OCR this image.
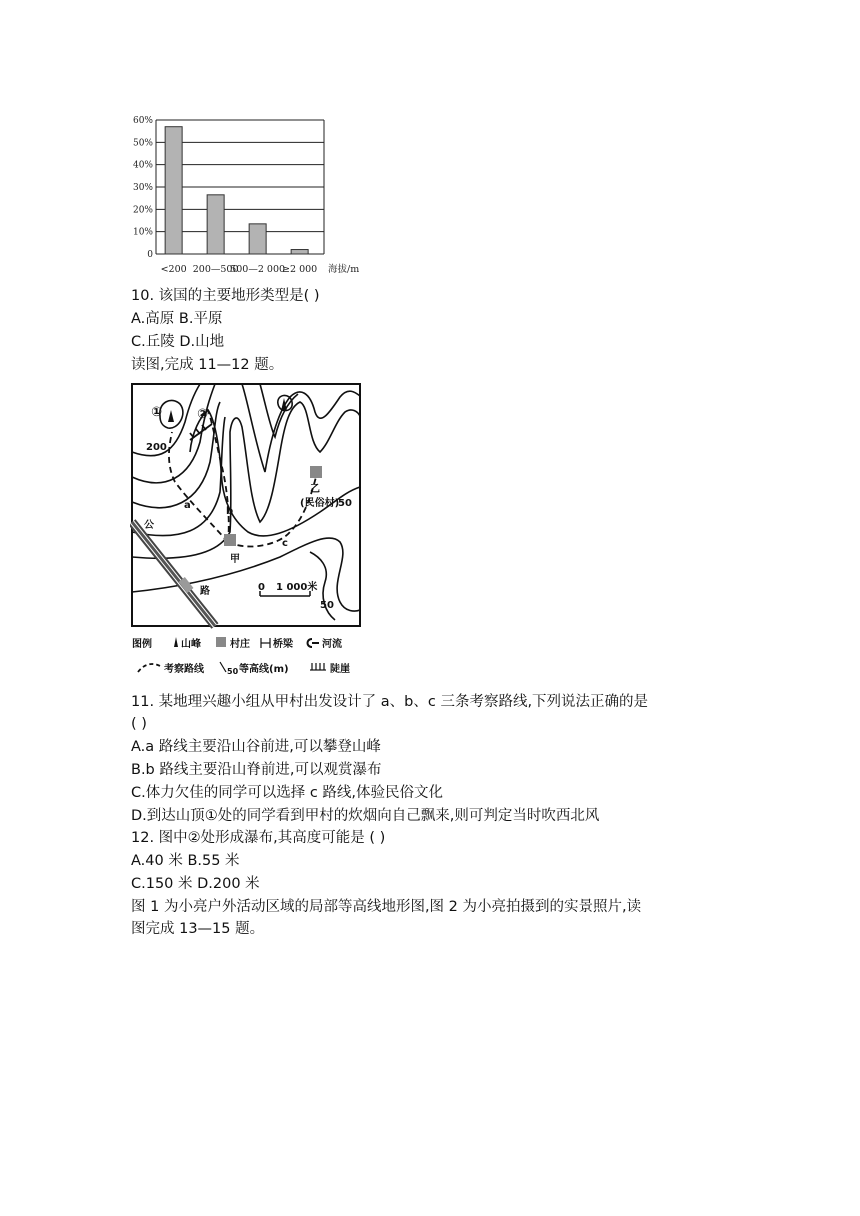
0
10%
20%
30%
40%
50%
60%
<200 200—500
500—2 000
≥2 000 海拔/m
10. 该国的主要地形类型是( )
A.高原 B.平原
C.丘陵 D.山地
读图,完成 11—12 题。
①	②
200
50
50
a
b
c
甲
乙
(民俗村)
公
路	0 1 000米
图例	山峰	村庄 桥梁	河流
考察路线	50 等高线(m)	陡崖
11. 某地理兴趣小组从甲村出发设计了 a、b、c 三条考察路线,下列说法正确的是
( )
A.a 路线主要沿山谷前进,可以攀登山峰
B.b 路线主要沿山脊前进,可以观赏瀑布
C.体力欠佳的同学可以选择 c 路线,体验民俗文化
D.到达山顶①处的同学看到甲村的炊烟向自己飘来,则可判定当时吹西北风
12. 图中②处形成瀑布,其高度可能是 ( )
A.40 米 B.55 米
C.150 米 D.200 米
图 1 为小亮户外活动区域的局部等高线地形图,图 2 为小亮拍摄到的实景照片,读
图完成 13—15 题。
